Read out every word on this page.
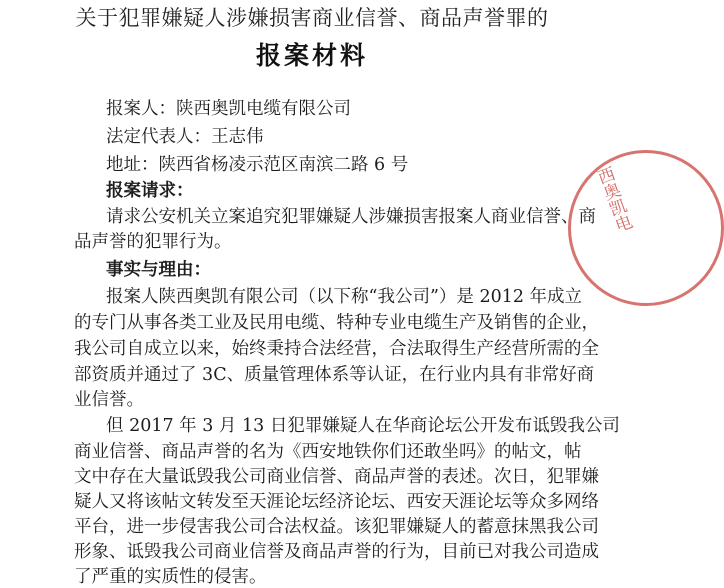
关于犯罪嫌疑人涉嫌损害商业信誉、商品声誉罪的
报案材料
报案人：陕西奥凯电缆有限公司
法定代表人：王志伟
地址：陕西省杨凌示范区南滨二路 6 号
报案请求：
请求公安机关立案追究犯罪嫌疑人涉嫌损害报案人商业信誉、商
品声誉的犯罪行为。
事实与理由：
报案人陕西奥凯有限公司（以下称“我公司”）是 2012 年成立
的专门从事各类工业及民用电缆、特种专业电缆生产及销售的企业，
我公司自成立以来，始终秉持合法经营，合法取得生产经营所需的全
部资质并通过了 3C、质量管理体系等认证，在行业内具有非常好商
业信誉。
但 2017 年 3 月 13 日犯罪嫌疑人在华商论坛公开发布诋毁我公司
商业信誉、商品声誉的名为《西安地铁你们还敢坐吗》的帖文，帖
文中存在大量诋毁我公司商业信誉、商品声誉的表述。次日，犯罪嫌
疑人又将该帖文转发至天涯论坛经济论坛、西安天涯论坛等众多网络
平台，进一步侵害我公司合法权益。该犯罪嫌疑人的蓄意抹黑我公司
形象、诋毁我公司商业信誉及商品声誉的行为，目前已对我公司造成
了严重的实质性的侵害。
西奥凯电
